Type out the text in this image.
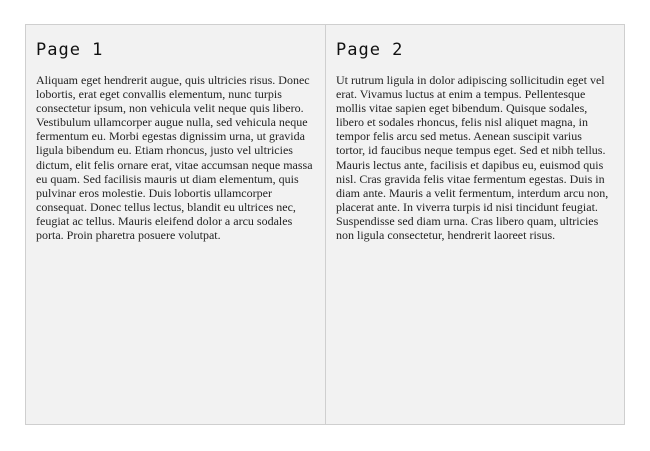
Page 1

Aliquam eget hendrerit augue, quis ultricies risus. Donec lobortis, erat eget convallis elementum, nunc turpis consectetur ipsum, non vehicula velit neque quis libero. Vestibulum ullamcorper augue nulla, sed vehicula neque fermentum eu. Morbi egestas dignissim urna, ut gravida ligula bibendum eu. Etiam rhoncus, justo vel ultricies dictum, elit felis ornare erat, vitae accumsan neque massa eu quam. Sed facilisis mauris ut diam elementum, quis pulvinar eros molestie. Duis lobortis ullamcorper consequat. Donec tellus lectus, blandit eu ultrices nec, feugiat ac tellus. Mauris eleifend dolor a arcu sodales porta. Proin pharetra posuere volutpat.

Page 2

Ut rutrum ligula in dolor adipiscing sollicitudin eget vel erat. Vivamus luctus at enim a tempus. Pellentesque mollis vitae sapien eget bibendum. Quisque sodales, libero et sodales rhoncus, felis nisl aliquet magna, in tempor felis arcu sed metus. Aenean suscipit varius tortor, id faucibus neque tempus eget. Sed et nibh tellus. Mauris lectus ante, facilisis et dapibus eu, euismod quis nisl. Cras gravida felis vitae fermentum egestas. Duis in diam ante. Mauris a velit fermentum, interdum arcu non, placerat ante. In viverra turpis id nisi tincidunt feugiat. Suspendisse sed diam urna. Cras libero quam, ultricies non ligula consectetur, hendrerit laoreet risus.
